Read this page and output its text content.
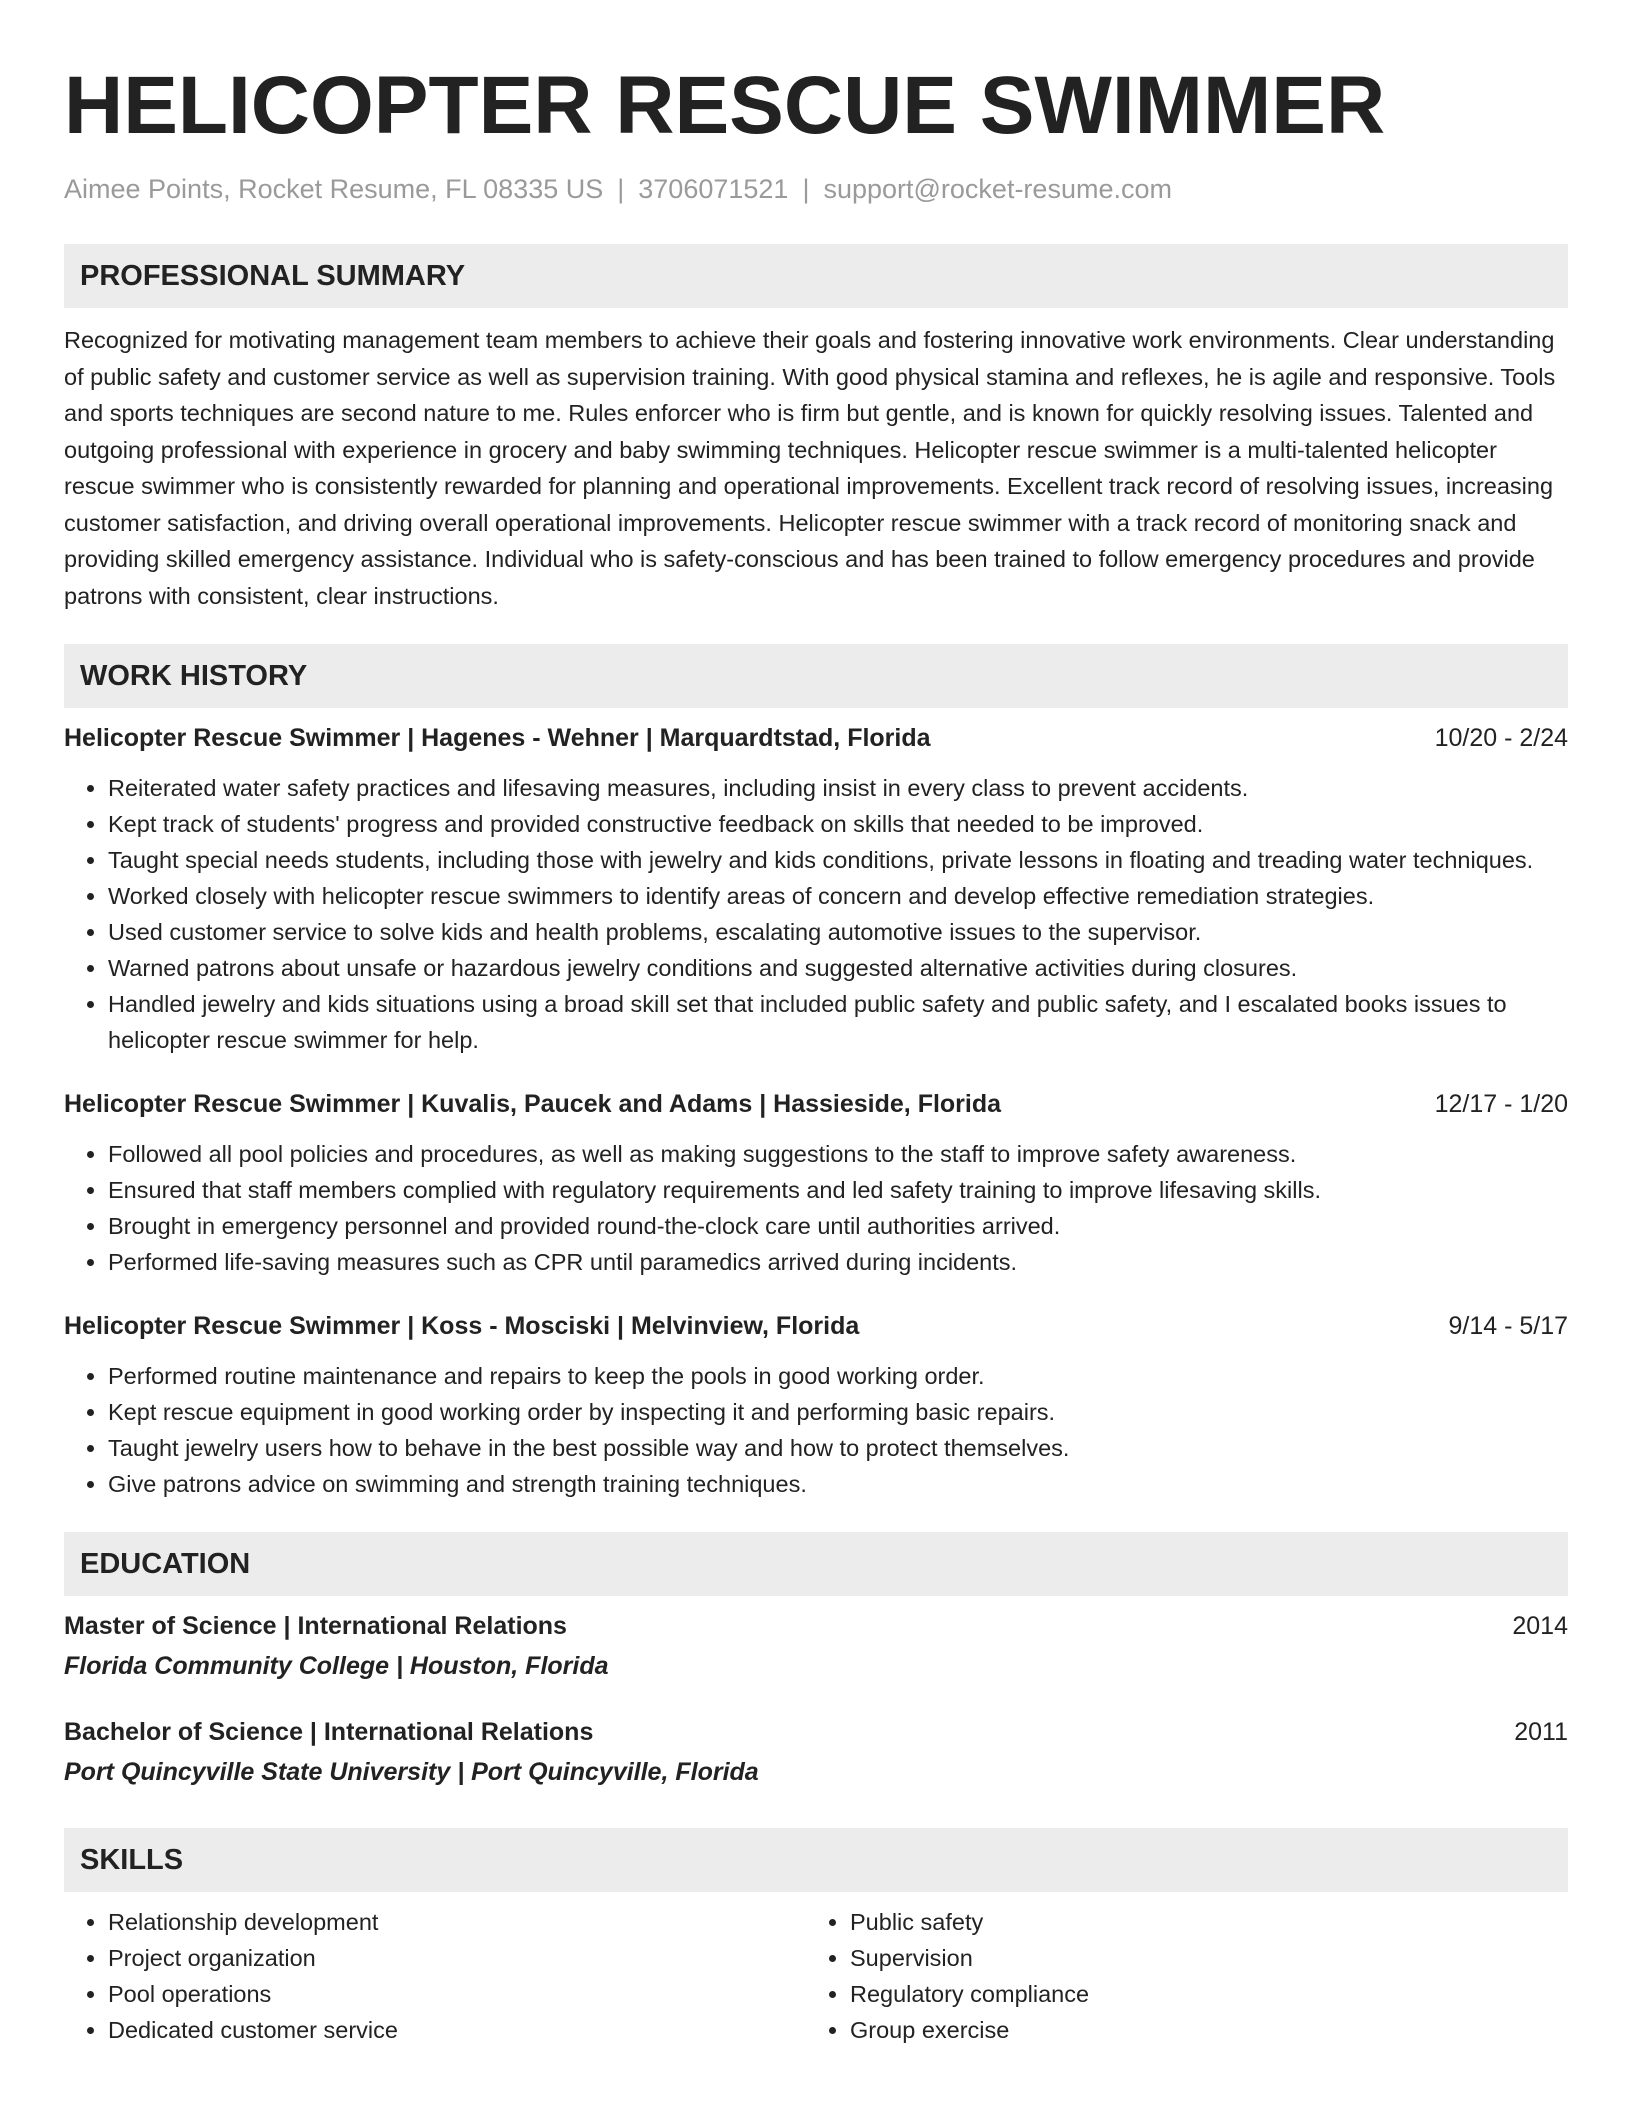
HELICOPTER RESCUE SWIMMER
Aimee Points, Rocket Resume, FL 08335 US | 3706071521 | support@rocket-resume.com
PROFESSIONAL SUMMARY

Recognized for motivating management team members to achieve their goals and fostering innovative work environments. Clear understanding of public safety and customer service as well as supervision training. With good physical stamina and reflexes, he is agile and responsive. Tools and sports techniques are second nature to me. Rules enforcer who is firm but gentle, and is known for quickly resolving issues. Talented and outgoing professional with experience in grocery and baby swimming techniques. Helicopter rescue swimmer is a multi-talented helicopter rescue swimmer who is consistently rewarded for planning and operational improvements. Excellent track record of resolving issues, increasing customer satisfaction, and driving overall operational improvements. Helicopter rescue swimmer with a track record of monitoring snack and providing skilled emergency assistance. Individual who is safety-conscious and has been trained to follow emergency procedures and provide patrons with consistent, clear instructions.

WORK HISTORY
Helicopter Rescue Swimmer | Hagenes - Wehner | Marquardtstad, Florida	10/20 - 2/24
• Reiterated water safety practices and lifesaving measures, including insist in every class to prevent accidents.
• Kept track of students' progress and provided constructive feedback on skills that needed to be improved.
• Taught special needs students, including those with jewelry and kids conditions, private lessons in floating and treading water techniques.
• Worked closely with helicopter rescue swimmers to identify areas of concern and develop effective remediation strategies.
• Used customer service to solve kids and health problems, escalating automotive issues to the supervisor.
• Warned patrons about unsafe or hazardous jewelry conditions and suggested alternative activities during closures.
• Handled jewelry and kids situations using a broad skill set that included public safety and public safety, and I escalated books issues to helicopter rescue swimmer for help.
Helicopter Rescue Swimmer | Kuvalis, Paucek and Adams | Hassieside, Florida	12/17 - 1/20
• Followed all pool policies and procedures, as well as making suggestions to the staff to improve safety awareness.
• Ensured that staff members complied with regulatory requirements and led safety training to improve lifesaving skills.
• Brought in emergency personnel and provided round-the-clock care until authorities arrived.
• Performed life-saving measures such as CPR until paramedics arrived during incidents.
Helicopter Rescue Swimmer | Koss - Mosciski | Melvinview, Florida	9/14 - 5/17
• Performed routine maintenance and repairs to keep the pools in good working order.
• Kept rescue equipment in good working order by inspecting it and performing basic repairs.
• Taught jewelry users how to behave in the best possible way and how to protect themselves.
• Give patrons advice on swimming and strength training techniques.
EDUCATION
Master of Science | International Relations	2014
Florida Community College | Houston, Florida
Bachelor of Science | International Relations	2011
Port Quincyville State University | Port Quincyville, Florida
SKILLS
• Relationship development
• Project organization
• Pool operations
• Dedicated customer service
• Public safety
• Supervision
• Regulatory compliance
• Group exercise
